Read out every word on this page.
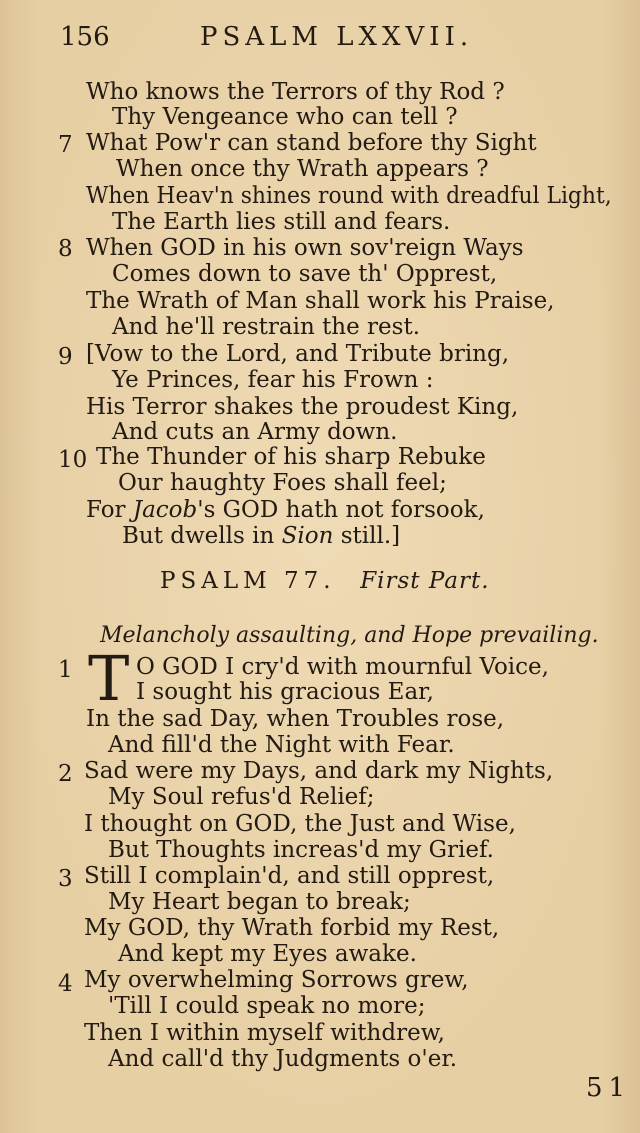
156	PSALM LXXVII.
Who knows the Terrors of thy Rod ?
Thy Vengeance who can tell ?
7 What Pow'r can stand before thy Sight
When once thy Wrath appears ?
When Heav'n shines round with dreadful Light,
The Earth lies still and fears.
8 When GOD in his own sov'reign Ways
Comes down to save th' Opprest,
The Wrath of Man shall work his Praise,
And he'll restrain the rest.
9 [Vow to the Lord, and Tribute bring,
Ye Princes, fear his Frown :
His Terror shakes the proudest King,
And cuts an Army down.
10 The Thunder of his sharp Rebuke
Our haughty Foes shall feel;
For Jacob's GOD hath not forsook,
But dwells in Sion still.]
PSALM 77. First Part.
Melancholy assaulting, and Hope prevailing.
1 T O GOD I cry'd with mournful Voice,
I sought his gracious Ear,
In the sad Day, when Troubles rose,
And fill'd the Night with Fear.
2 Sad were my Days, and dark my Nights,
My Soul refus'd Relief;
I thought on GOD, the Just and Wise,
But Thoughts increas'd my Grief.
3 Still I complain'd, and still opprest,
My Heart began to break;
My GOD, thy Wrath forbid my Rest,
And kept my Eyes awake.
4 My overwhelming Sorrows grew,
'Till I could speak no more;
Then I within myself withdrew,
And call'd thy Judgments o'er.
51
